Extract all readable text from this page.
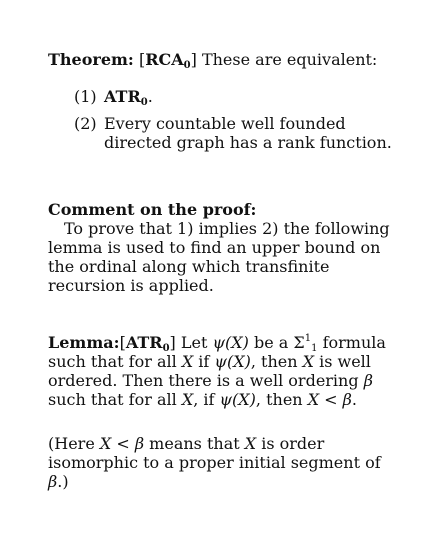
Theorem: $[RCA_0]$ These are equivalent:
(1) $ATR_0$.
(2) Every countable well founded directed graph has a rank function.
Comment on the proof:
To prove that 1) implies 2) the following lemma is used to find an upper bound on the ordinal along which transfinite recursion is applied.
$Lemma:[ATR_0]$ Let ψ(X) be a $\Sigma^1_1$ formula such that for all X if ψ(X), then X is well ordered. Then there is a well ordering β such that for all X, if ψ(X), then X < β.
(Here X < β means that X is order isomorphic to a proper initial segment of β.)
